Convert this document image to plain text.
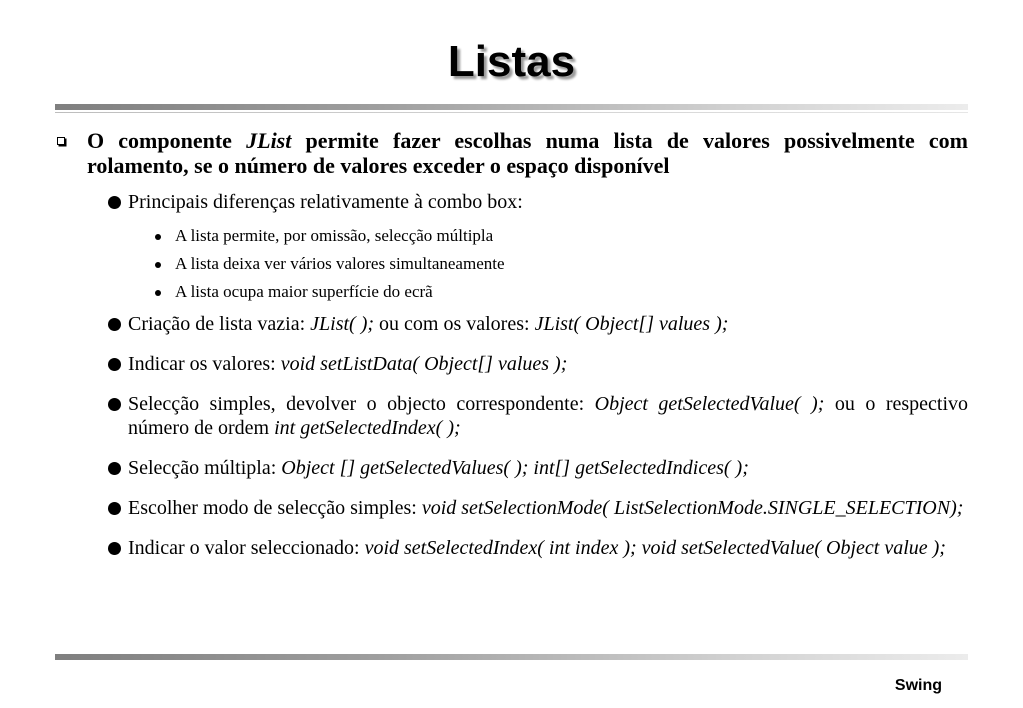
Listas
O componente JList permite fazer escolhas numa lista de valores possivelmente com rolamento, se o número de valores exceder o espaço disponível
Principais diferenças relativamente à combo box:
A lista permite, por omissão, selecção múltipla
A lista deixa ver vários valores simultaneamente
A lista ocupa maior superfície do ecrã
Criação de lista vazia: JList( ); ou com os valores: JList( Object[] values );
Indicar os valores: void setListData( Object[] values );
Selecção simples, devolver o objecto correspondente: Object getSelectedValue( ); ou o respectivo número de ordem int getSelectedIndex( );
Selecção múltipla: Object [] getSelectedValues( ); int[] getSelectedIndices( );
Escolher modo de selecção simples: void setSelectionMode( ListSelectionMode.SINGLE_SELECTION);
Indicar o valor seleccionado: void setSelectedIndex( int index ); void setSelectedValue( Object value );
Swing
